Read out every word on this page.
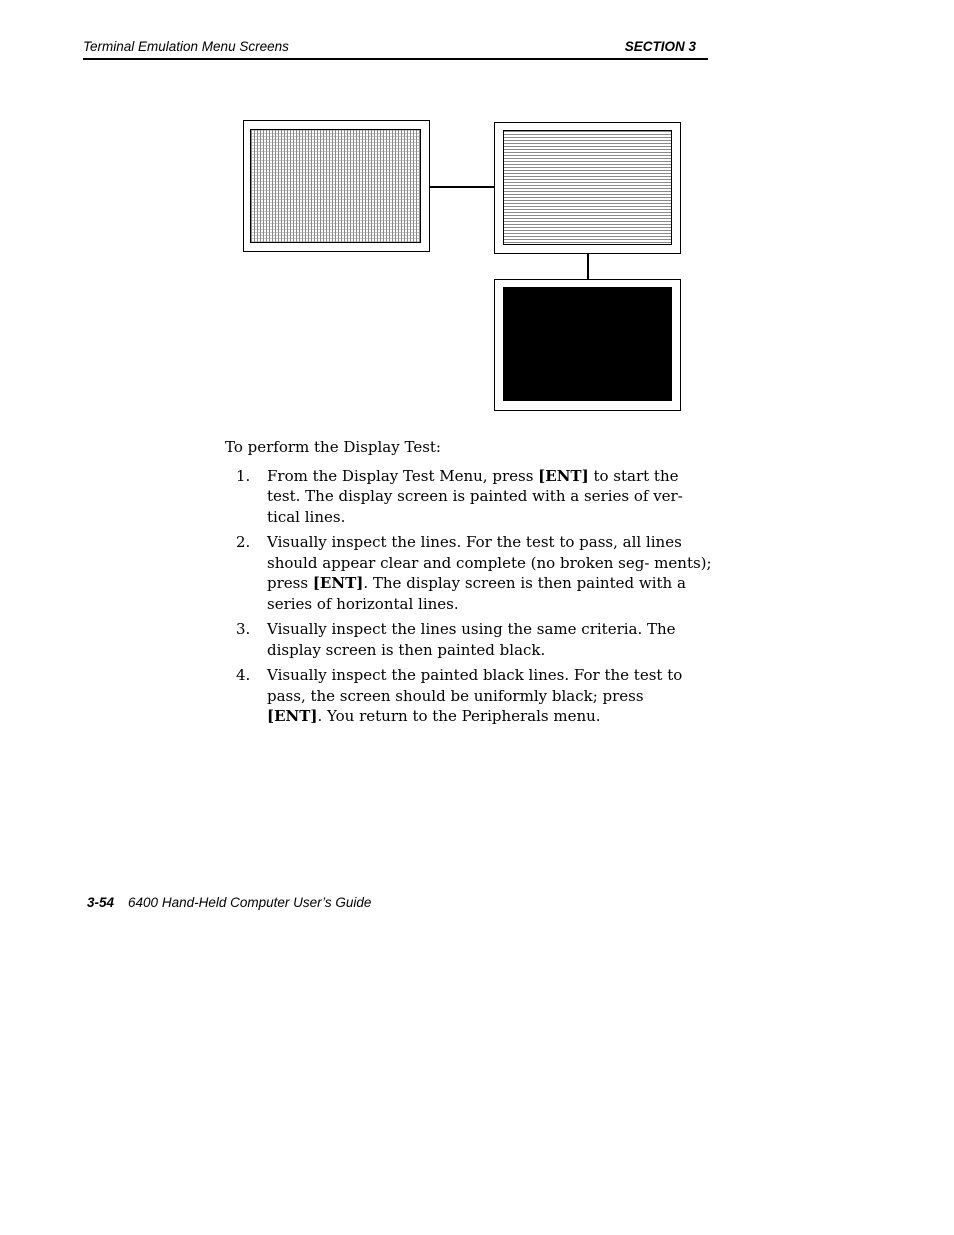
Terminal Emulation Menu Screens	SECTION 3

To perform the Display Test:

1. From the Display Test Menu, press [ENT] to start the test. The display screen is painted with a series of ver- tical lines.
2. Visually inspect the lines. For the test to pass, all lines should appear clear and complete (no broken seg- ments); press [ENT]. The display screen is then painted with a series of horizontal lines.
3. Visually inspect the lines using the same criteria. The display screen is then painted black.
4. Visually inspect the painted black lines. For the test to pass, the screen should be uniformly black; press
[ENT]. You return to the Peripherals menu.
3-54 6400 Hand-Held Computer User’s Guide
